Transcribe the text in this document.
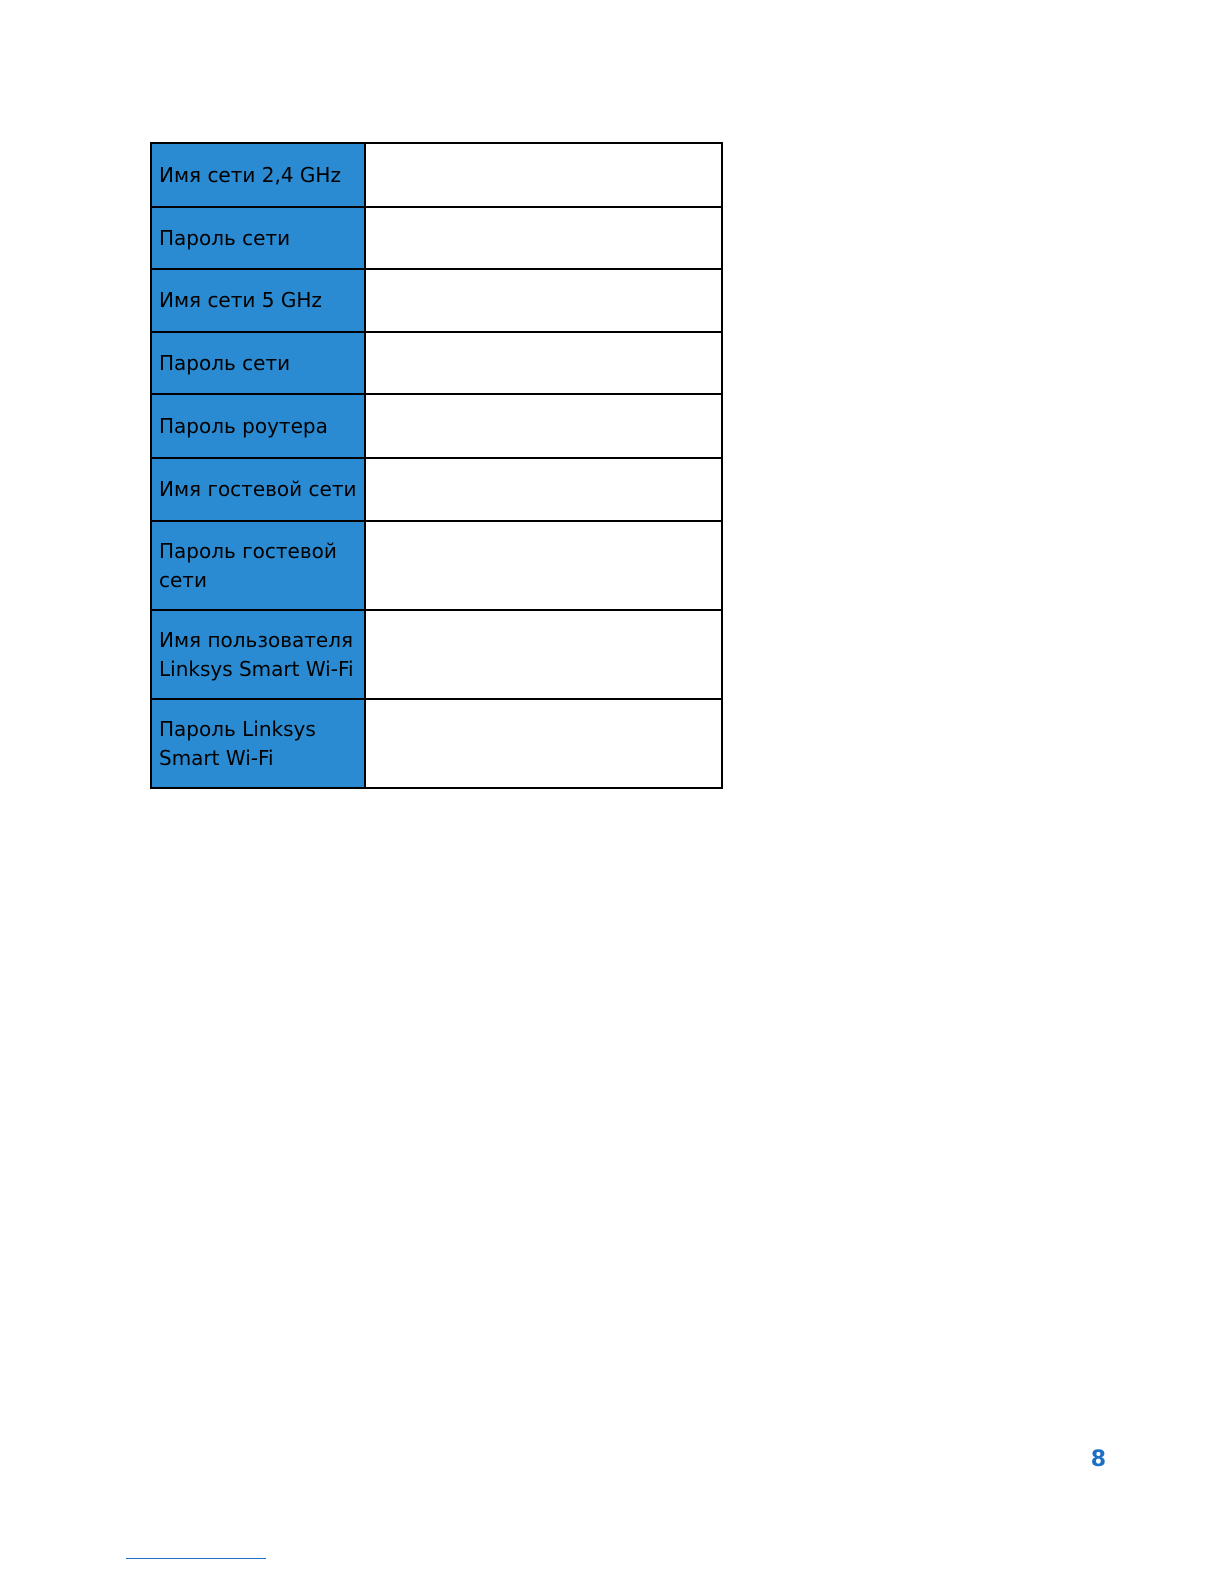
Имя сети 2,4 GHz	
Пароль сети	
Имя сети 5 GHz	
Пароль сети	
Пароль роутера	
Имя гостевой сети	
Пароль гостевой сети	
Имя пользователя Linksys Smart Wi-Fi	
Пароль Linksys Smart Wi-Fi	
8
